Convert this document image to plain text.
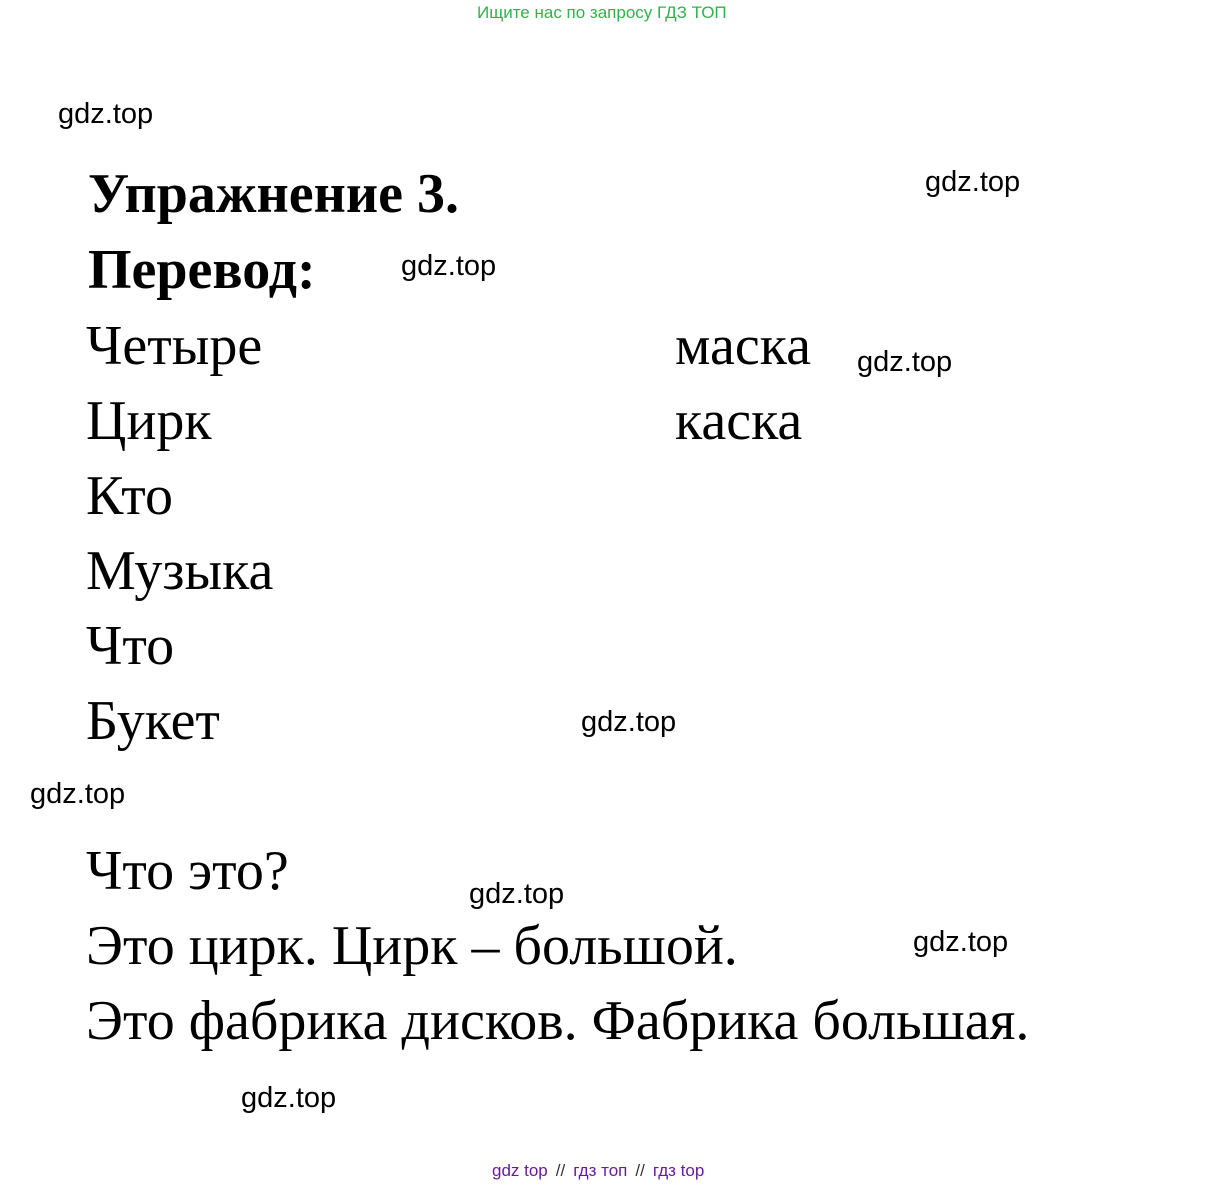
Ищите нас по запросу ГДЗ ТОП
Упражнение 3.
Перевод:
Четыре
Цирк
Кто
Музыка
Что
Букет
маска
каска
Что это?
Это цирк. Цирк – большой.
Это фабрика дисков. Фабрика большая.
gdz.top
gdz.top
gdz.top
gdz.top
gdz.top
gdz.top
gdz.top
gdz.top
gdz.top
gdz top // гдз топ // гдз top
